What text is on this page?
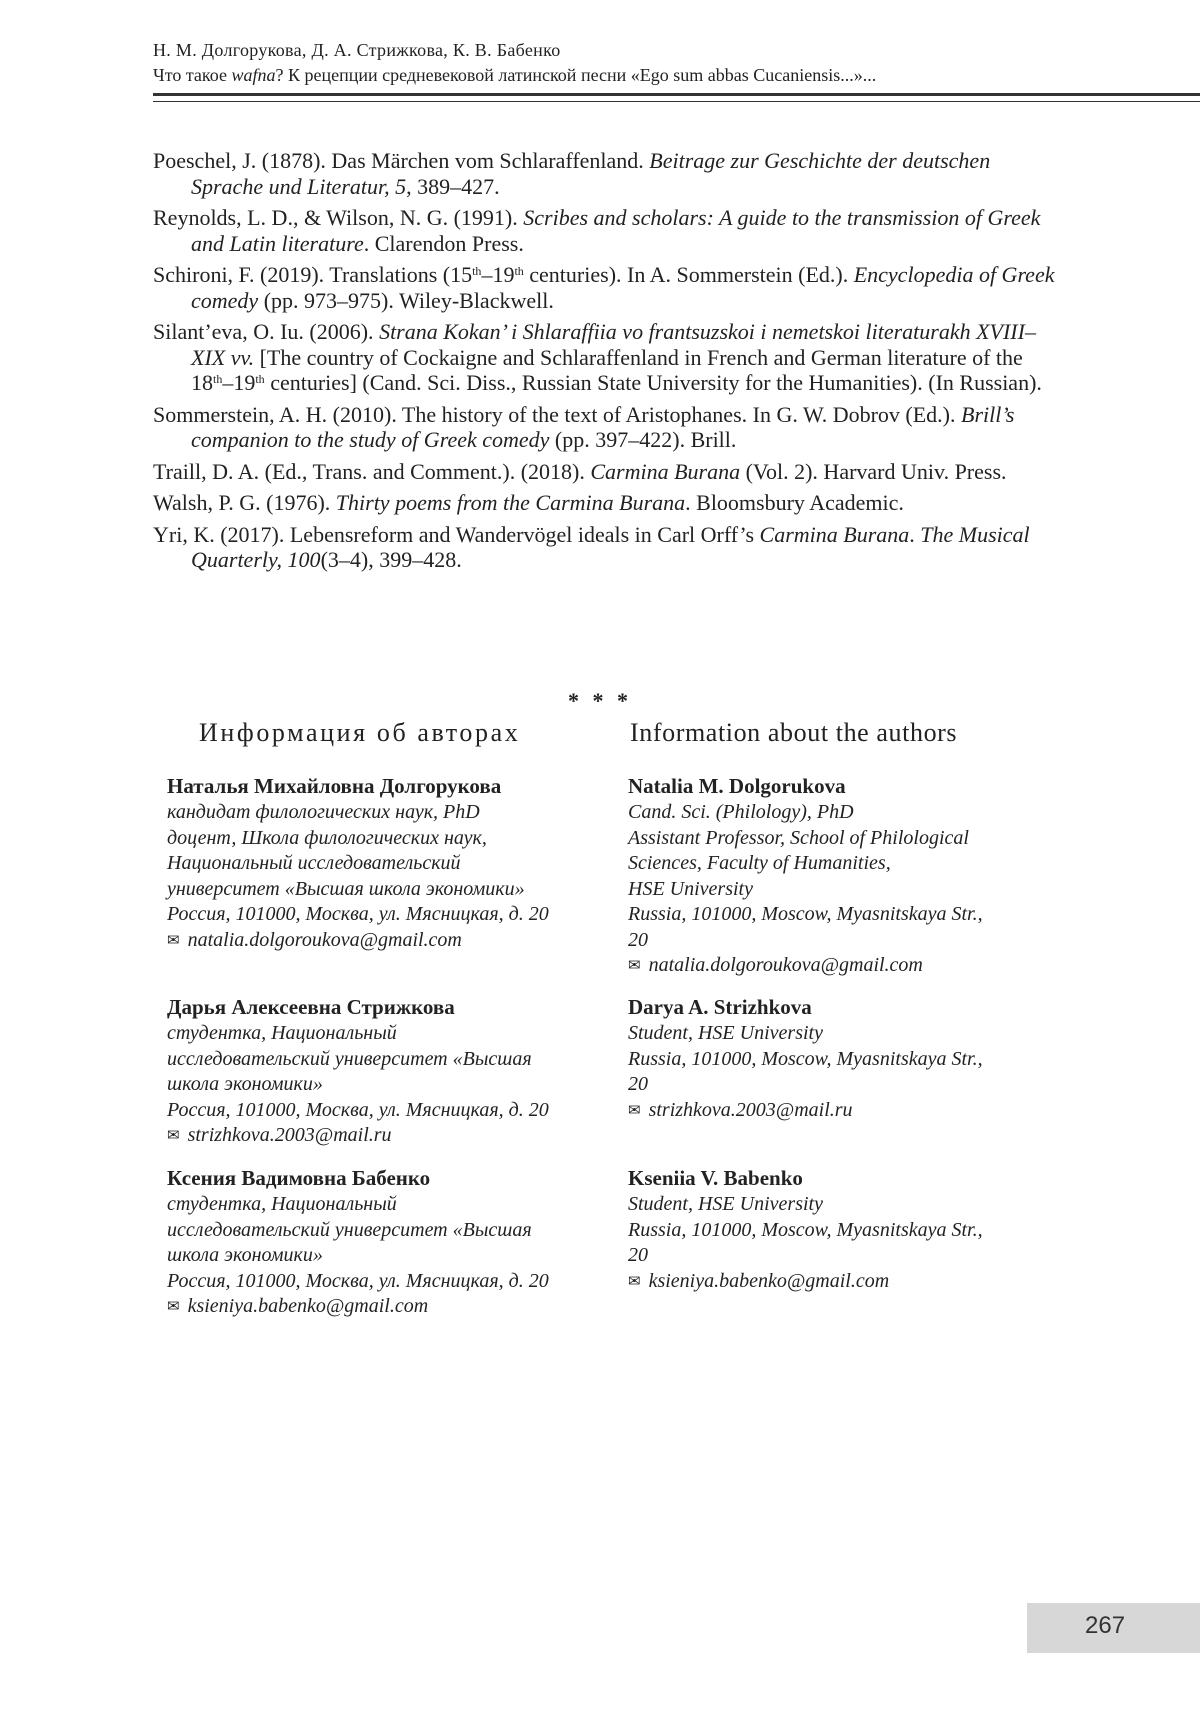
Н. М. Долгорукова, Д. А. Стрижкова, К. В. Бабенко
Что такое wafna? К рецепции средневековой латинской песни «Ego sum abbas Cucaniensis...»...

Poeschel, J. (1878). Das Märchen vom Schlaraffenland. Beitrage zur Geschichte der deutschen Sprache und Literatur, 5, 389–427.

Reynolds, L. D., & Wilson, N. G. (1991). Scribes and scholars: A guide to the transmission of Greek and Latin literature. Clarendon Press.

Schironi, F. (2019). Translations (15th–19th centuries). In A. Sommerstein (Ed.). Encyclopedia of Greek comedy (pp. 973–975). Wiley-Blackwell.

Silant’eva, O. Iu. (2006). Strana Kokan’ i Shlaraffiia vo frantsuzskoi i nemetskoi literaturakh XVIII–XIX vv. [The country of Cockaigne and Schlaraffenland in French and German literature of the 18th–19th centuries] (Cand. Sci. Diss., Russian State University for the Humanities). (In Russian).

Sommerstein, A. H. (2010). The history of the text of Aristophanes. In G. W. Dobrov (Ed.). Brill’s companion to the study of Greek comedy (pp. 397–422). Brill.

Traill, D. A. (Ed., Trans. and Comment.). (2018). Carmina Burana (Vol. 2). Harvard Univ. Press.

Walsh, P. G. (1976). Thirty poems from the Carmina Burana. Bloomsbury Academic.

Yri, K. (2017). Lebensreform and Wandervögel ideals in Carl Orff’s Carmina Burana. The Musical Quarterly, 100(3–4), 399–428.

* * *
Информация об авторах	Information about the authors
Наталья Михайловна Долгорукова
кандидат филологических наук, PhD
доцент, Школа филологических наук,
Национальный исследовательский
университет «Высшая школа экономики»
Россия, 101000, Москва, ул. Мясницкая, д. 20
✉ natalia.dolgoroukova@gmail.com
Дарья Алексеевна Стрижкова
студентка, Национальный
исследовательский университет «Высшая
школа экономики»
Россия, 101000, Москва, ул. Мясницкая, д. 20
✉ strizhkova.2003@mail.ru
Ксения Вадимовна Бабенко
студентка, Национальный
исследовательский университет «Высшая
школа экономики»
Россия, 101000, Москва, ул. Мясницкая, д. 20
✉ ksieniya.babenko@gmail.com
Natalia M. Dolgorukova
Cand. Sci. (Philology), PhD
Assistant Professor, School of Philological
Sciences, Faculty of Humanities,
HSE University
Russia, 101000, Moscow, Myasnitskaya Str.,
20
✉ natalia.dolgoroukova@gmail.com
Darya A. Strizhkova
Student, HSE University
Russia, 101000, Moscow, Myasnitskaya Str.,
20
✉ strizhkova.2003@mail.ru
Kseniia V. Babenko
Student, HSE University
Russia, 101000, Moscow, Myasnitskaya Str.,
20
✉ ksieniya.babenko@gmail.com
267
